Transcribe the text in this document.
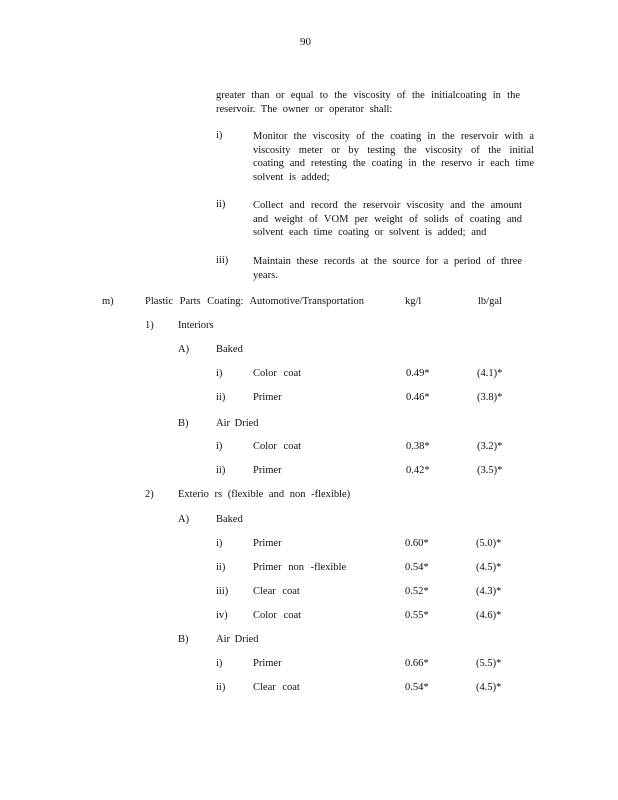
90
greater than or equal to the viscosity of the initialcoating in the
reservoir. The owner or operator shall:
i)	Monitor the viscosity of the coating in the reservoir with a
viscosity meter or by testing the viscosity of the initial
coating and retesting the coating in the reservo ir each time
solvent is added;
ii)	Collect and record the reservoir viscosity and the amount
and weight of VOM per weight of solids of coating and
solvent each time coating or solvent is added; and
iii) Maintain these records at the source for a period of three
years.
m)	Plastic Parts Coating: Automotive/Transportation	kg/l	lb/gal
1) Interiors
A)	Baked
i)	Color coat	0.49*	(4.1)*
ii)	Primer	0.46*	(3.8)*
B)	Air Dried
i)	Color coat	0.38*	(3.2)*
ii)	Primer	0.42*	(3.5)*
2) Exterio rs (flexible and non -flexible)
A)	Baked
i)	Primer	0.60*	(5.0)*
ii)	Primer non -flexible	0.54*	(4.5)*
iii) Clear coat	0.52*	(4.3)*
iv) Color coat	0.55*	(4.6)*
B)	Air Dried
i)	Primer	0.66*	(5.5)*
ii)	Clear coat	0.54*	(4.5)*
